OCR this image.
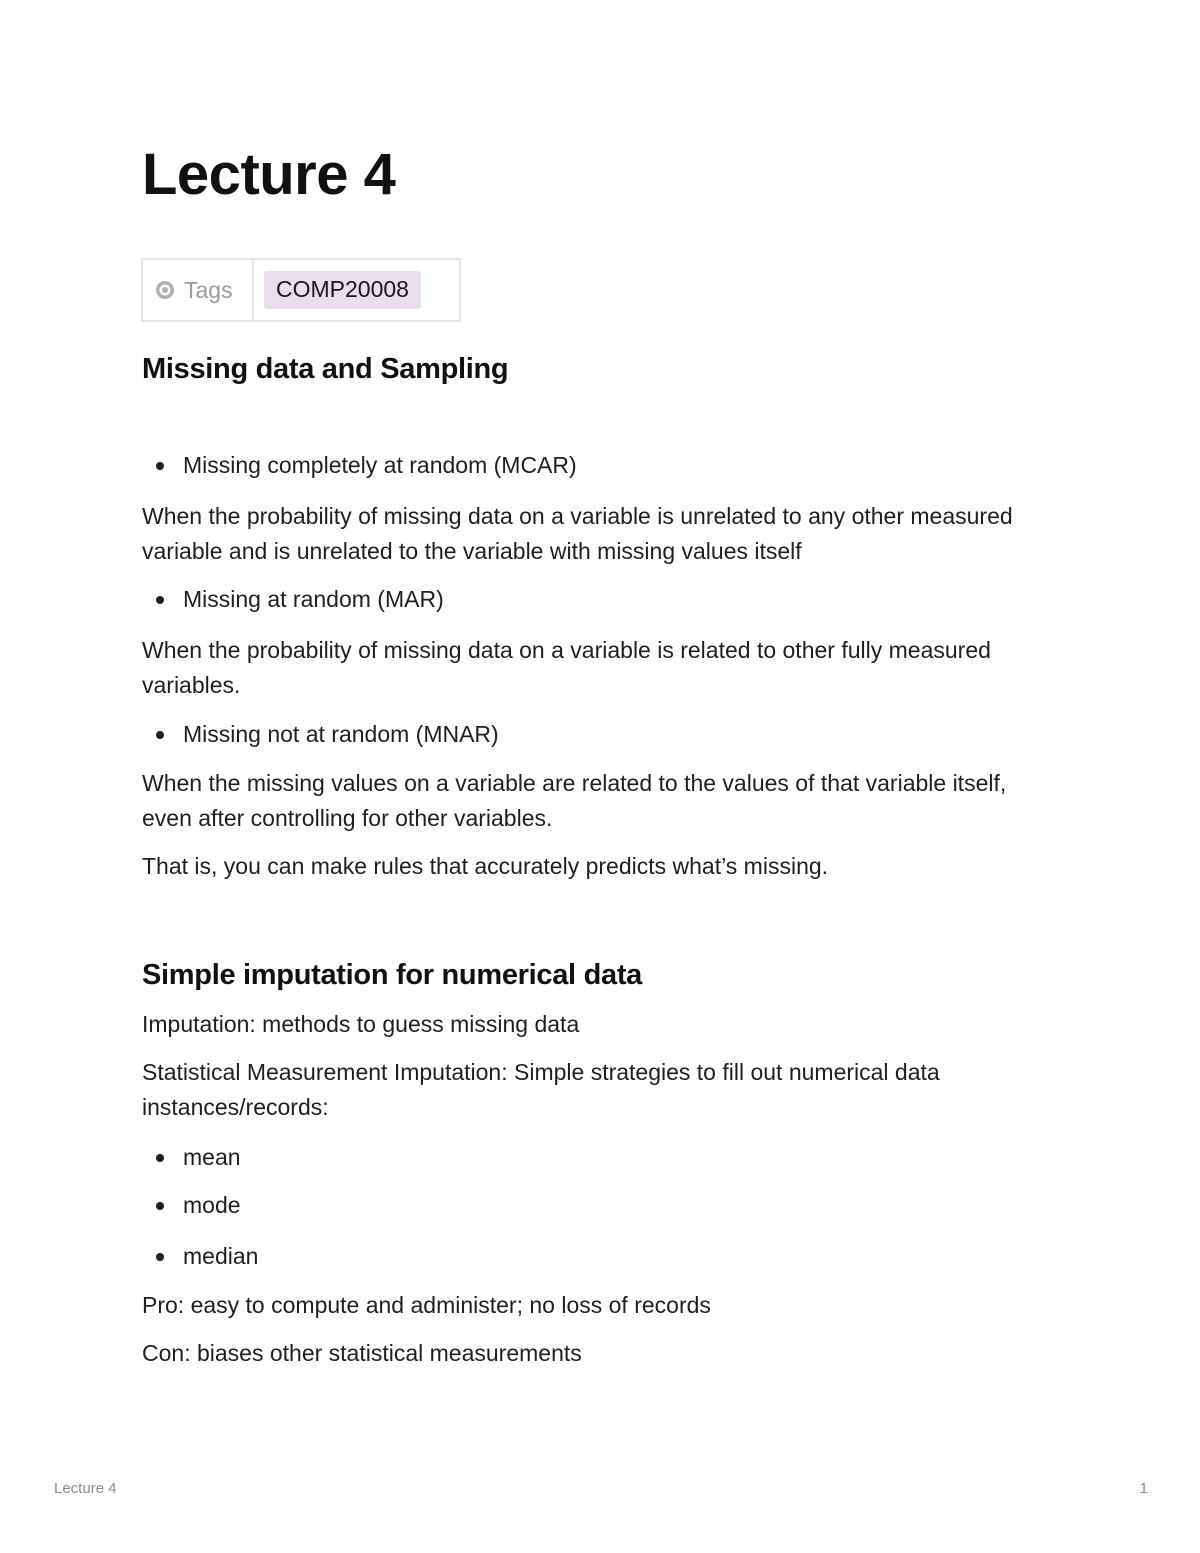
Lecture 4
Tags	COMP20008
Missing data and Sampling
Missing completely at random (MCAR)

When the probability of missing data on a variable is unrelated to any other measured variable and is unrelated to the variable with missing values itself

Missing at random (MAR)

When the probability of missing data on a variable is related to other fully measured variables.

Missing not at random (MNAR)

When the missing values on a variable are related to the values of that variable itself, even after controlling for other variables.

That is, you can make rules that accurately predicts what’s missing.

Simple imputation for numerical data

Imputation: methods to guess missing data

Statistical Measurement Imputation: Simple strategies to fill out numerical data instances/records:

mean
mode
median

Pro: easy to compute and administer; no loss of records

Con: biases other statistical measurements

Lecture 4	1
